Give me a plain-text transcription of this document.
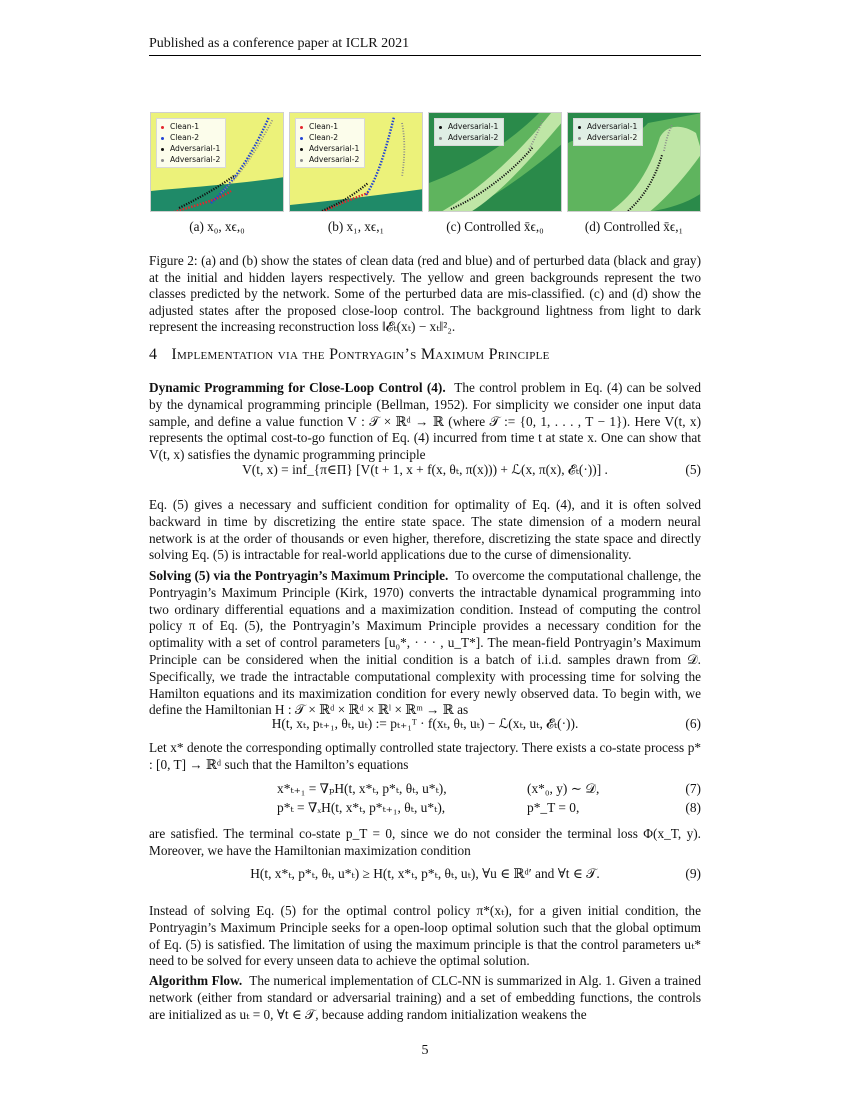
Published as a conference paper at ICLR 2021
Clean-1
Clean-2
Adversarial-1
Adversarial-2
(a) x₀, xϵ,₀
Clean-1
Clean-2
Adversarial-1
Adversarial-2
(b) x₁, xϵ,₁
Adversarial-1
Adversarial-2
(c) Controlled x̄ϵ,₀
Adversarial-1
Adversarial-2
(d) Controlled x̄ϵ,₁
Figure 2: (a) and (b) show the states of clean data (red and blue) and of perturbed data (black and gray) at the initial and hidden layers respectively. The yellow and green backgrounds represent the two classes predicted by the network. Some of the perturbed data are mis-classified. (c) and (d) show the adjusted states after the proposed close-loop control. The background lightness from light to dark represent the increasing reconstruction loss ‖𝓔ₜ(xₜ) − xₜ‖²₂.
4 Implementation via the Pontryagin’s Maximum Principle
Dynamic Programming for Close-Loop Control (4). The control problem in Eq. (4) can be solved by the dynamical programming principle (Bellman, 1952). For simplicity we consider one input data sample, and define a value function V : 𝒯 × ℝᵈ → ℝ (where 𝒯 := {0, 1, . . . , T − 1}). Here V(t, x) represents the optimal cost-to-go function of Eq. (4) incurred from time t at state x. One can show that V(t, x) satisfies the dynamic programming principle
V(t, x) = inf_{π∈Π} [V(t + 1, x + f(x, θₜ, π(x))) + ℒ(x, π(x), 𝓔ₜ(·))] .	(5)
Eq. (5) gives a necessary and sufficient condition for optimality of Eq. (4), and it is often solved backward in time by discretizing the entire state space. The state dimension of a modern neural network is at the order of thousands or even higher, therefore, discretizing the state space and directly solving Eq. (5) is intractable for real-world applications due to the curse of dimensionality.
Solving (5) via the Pontryagin’s Maximum Principle. To overcome the computational challenge, the Pontryagin’s Maximum Principle (Kirk, 1970) converts the intractable dynamical programming into two ordinary differential equations and a maximization condition. Instead of computing the control policy π of Eq. (5), the Pontryagin’s Maximum Principle provides a necessary condition for the optimality with a set of control parameters [u₀*, · · · , u_T*]. The mean-field Pontryagin’s Maximum Principle can be considered when the initial condition is a batch of i.i.d. samples drawn from 𝒟. Specifically, we trade the intractable computational complexity with processing time for solving the Hamilton equations and its maximization condition for every newly observed data. To begin with, we define the Hamiltonian H : 𝒯 × ℝᵈ × ℝᵈ × ℝˡ × ℝᵐ → ℝ as
H(t, xₜ, pₜ₊₁, θₜ, uₜ) := pₜ₊₁ᵀ · f(xₜ, θₜ, uₜ) − ℒ(xₜ, uₜ, 𝓔ₜ(·)).	(6)
Let x* denote the corresponding optimally controlled state trajectory. There exists a co-state process p* : [0, T] → ℝᵈ such that the Hamilton’s equations
x*ₜ₊₁ = ∇ₚH(t, x*ₜ, p*ₜ, θₜ, u*ₜ),	(x*₀, y) ∼ 𝒟,	(7)
p*ₜ = ∇ₓH(t, x*ₜ, p*ₜ₊₁, θₜ, u*ₜ),	p*_T = 0,	(8)
are satisfied. The terminal co-state p_T = 0, since we do not consider the terminal loss Φ(x_T, y). Moreover, we have the Hamiltonian maximization condition
H(t, x*ₜ, p*ₜ, θₜ, u*ₜ) ≥ H(t, x*ₜ, p*ₜ, θₜ, uₜ), ∀u ∈ ℝᵈ′ and ∀t ∈ 𝒯.	(9)
Instead of solving Eq. (5) for the optimal control policy π*(xₜ), for a given initial condition, the Pontryagin’s Maximum Principle seeks for a open-loop optimal solution such that the global optimum of Eq. (5) is satisfied. The limitation of using the maximum principle is that the control parameters uₜ* need to be solved for every unseen data to achieve the optimal solution.
Algorithm Flow. The numerical implementation of CLC-NN is summarized in Alg. 1. Given a trained network (either from standard or adversarial training) and a set of embedding functions, the controls are initialized as uₜ = 0, ∀t ∈ 𝒯, because adding random initialization weakens the
5
